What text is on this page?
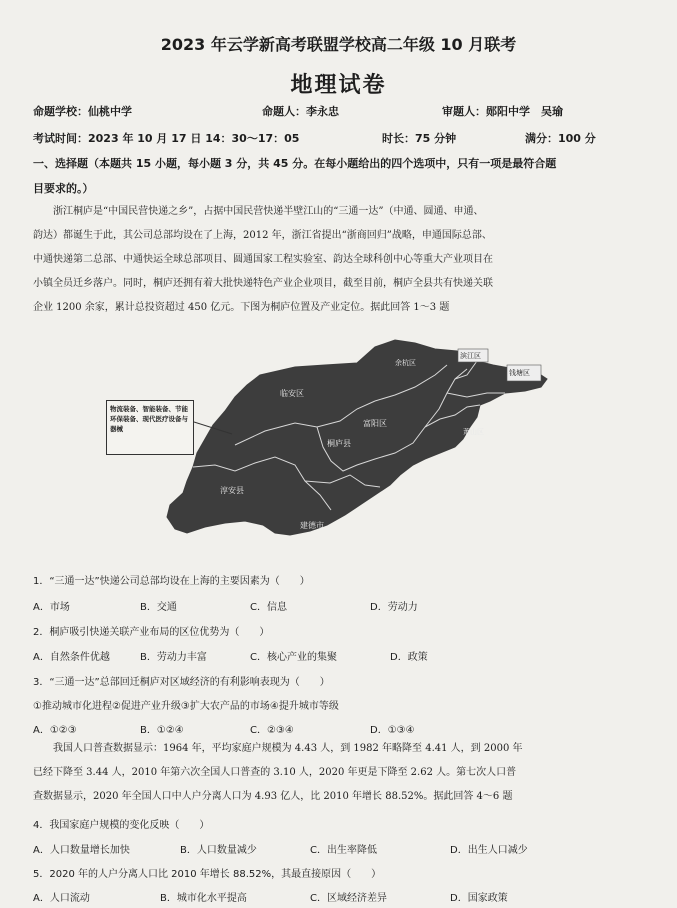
2023 年云学新高考联盟学校高二年级 10 月联考
地理试卷
命题学校：仙桃中学	命题人：李永忠	审题人：郧阳中学　吴瑜
考试时间：2023 年 10 月 17 日 14：30～17：05	时长：75 分钟	满分：100 分
一、选择题（本题共 15 小题，每小题 3 分，共 45 分。在每小题给出的四个选项中，只有一项是最符合题
目要求的。）
浙江桐庐是“中国民营快递之乡”，占据中国民营快递半壁江山的“三通一达”（中通、圆通、申通、
韵达）都诞生于此，其公司总部均设在了上海，2012 年，浙江省提出“浙商回归”战略，申通国际总部、
中通快递第二总部、中通快运全球总部项目、圆通国家工程实验室、韵达全球科创中心等重大产业项目在
小镇全员迁乡落户。同时，桐庐还拥有着大批快递特色产业企业项目，截至目前，桐庐全县共有快递关联
企业 1200 余家，累计总投资超过 450 亿元。下图为桐庐位置及产业定位。据此回答 1～3 题
临安区
富阳区
桐庐县
淳安县
建德市
余杭区
滨江区
钱塘区
萧山区
物流装备、智能装备、节能环保装备、现代医疗设备与器械
1．“三通一达”快递公司总部均设在上海的主要因素为（　　）
A．市场	B．交通	C．信息	D．劳动力
2．桐庐吸引快递关联产业布局的区位优势为（　　）
A．自然条件优越	B．劳动力丰富	C．核心产业的集聚	D．政策
3．“三通一达”总部回迁桐庐对区域经济的有利影响表现为（　　）
①推动城市化进程②促进产业升级③扩大农产品的市场④提升城市等级
A．①②③	B．①②④	C．②③④	D．①③④
我国人口普查数据显示：1964 年，平均家庭户规模为 4.43 人，到 1982 年略降至 4.41 人，到 2000 年
已经下降至 3.44 人，2010 年第六次全国人口普查的 3.10 人，2020 年更是下降至 2.62 人。第七次人口普
查数据显示，2020 年全国人口中人户分离人口为 4.93 亿人，比 2010 年增长 88.52%。据此回答 4～6 题
4．我国家庭户规模的变化反映（　　）
A．人口数量增长加快	B．人口数量减少	C．出生率降低	D．出生人口减少
5．2020 年的人户分离人口比 2010 年增长 88.52%，其最直接原因（　　）
A．人口流动	B．城市化水平提高	C．区域经济差异	D．国家政策
